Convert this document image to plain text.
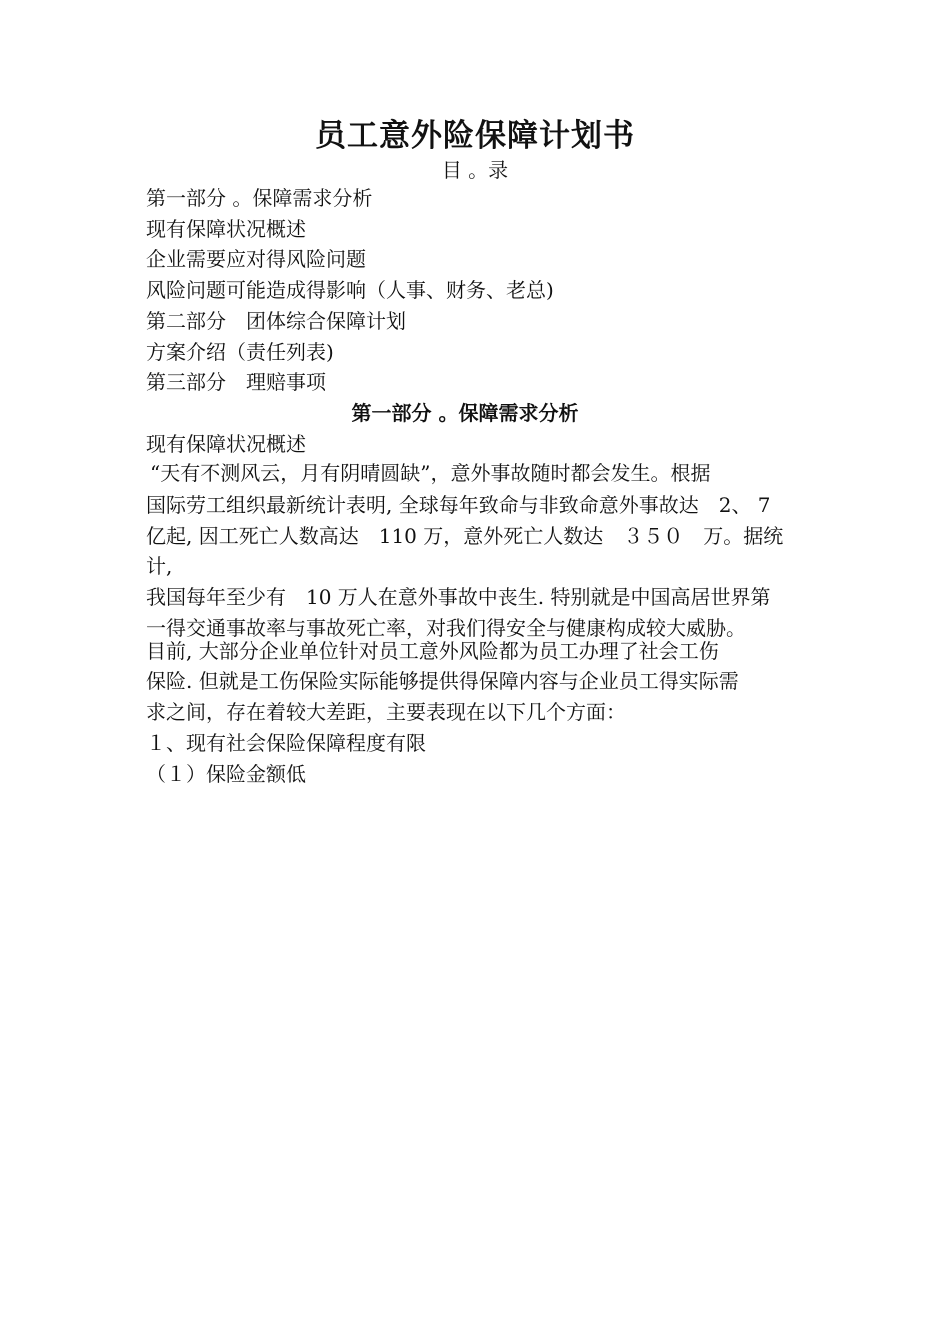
员工意外险保障计划书
目 。录
第一部分 。保障需求分析
现有保障状况概述
企业需要应对得风险问题
风险问题可能造成得影响（人事、财务、老总)
第二部分　团体综合保障计划
方案介绍（责任列表)
第三部分　理赔事项
第一部分 。保障需求分析
现有保障状况概述
“天有不测风云，月有阴晴圆缺”，意外事故随时都会发生。根据
国际劳工组织最新统计表明, 全球每年致命与非致命意外事故达　2、 7
亿起, 因工死亡人数高达　110 万，意外死亡人数达　３５０　万。据统
计,
我国每年至少有　10 万人在意外事故中丧生. 特别就是中国高居世界第
一得交通事故率与事故死亡率，对我们得安全与健康构成较大威胁。
目前, 大部分企业单位针对员工意外风险都为员工办理了社会工伤
保险. 但就是工伤保险实际能够提供得保障内容与企业员工得实际需
求之间，存在着较大差距，主要表现在以下几个方面：
１、现有社会保险保障程度有限
（１）保险金额低
